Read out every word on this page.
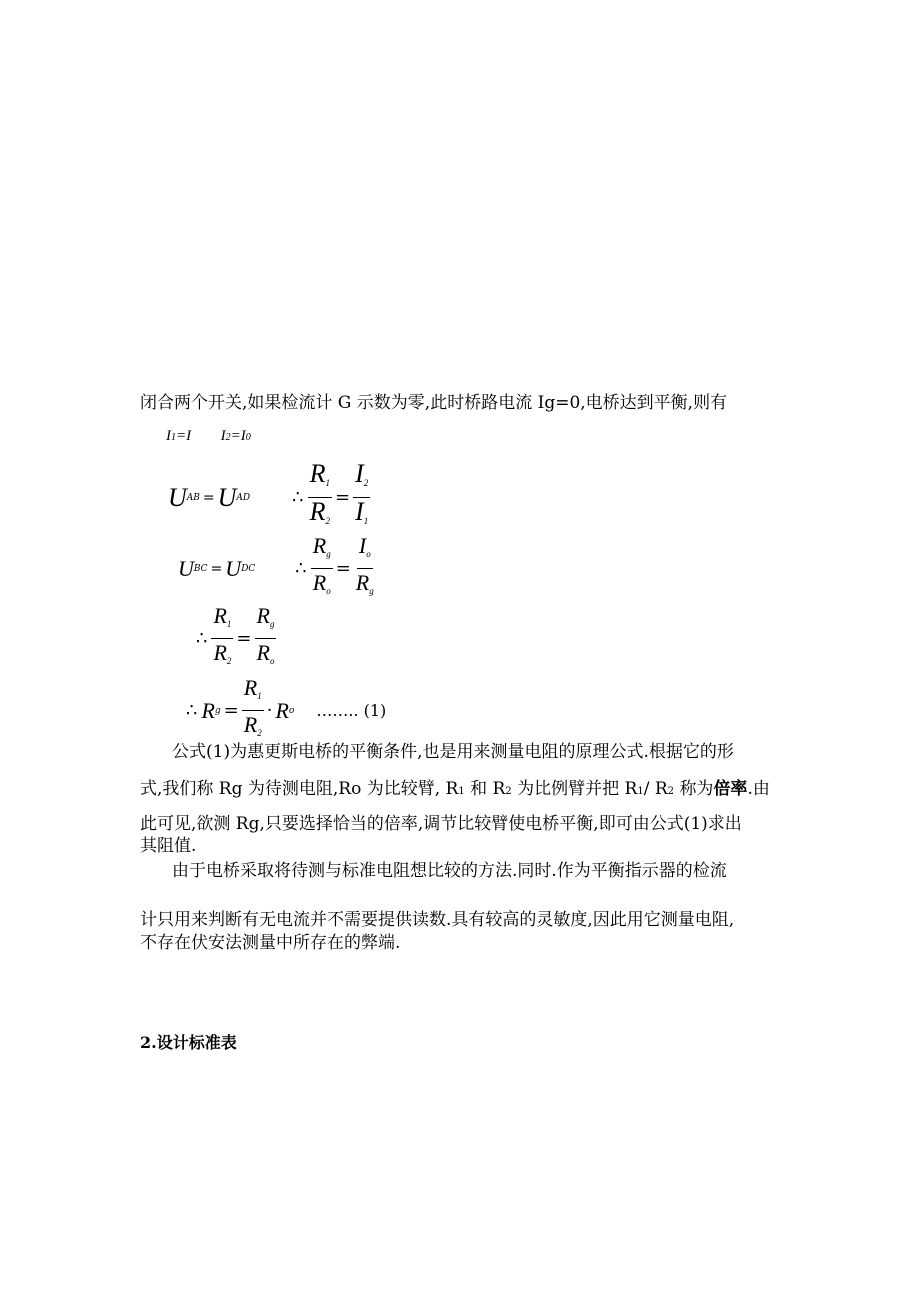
闭合两个开关,如果检流计 G 示数为零,此时桥路电流 Ig=0,电桥达到平衡,则有
I1=I I2=I0
U AB = U AD ∴ $\frac{R_1}{R_2} = \frac{I_2}{I_1}$
U BC = U DC ∴ $\frac{R_g}{R_o} = \frac{I_o}{R_g}$
∴ $\frac{R_1}{R_2} = \frac{R_g}{R_o}$
∴ R $g = \frac{R_1}{R_2} \cdot R$ o …….. (1)
公式(1)为惠更斯电桥的平衡条件,也是用来测量电阻的原理公式.根据它的形
式,我们称 Rg 为待测电阻,Ro 为比较臂, R1 和 R2 为比例臂并把 R1/ R2 称为倍率.由
此可见,欲测 Rg,只要选择恰当的倍率,调节比较臂使电桥平衡,即可由公式(1)求出
其阻值.
由于电桥采取将待测与标准电阻想比较的方法.同时.作为平衡指示器的检流
计只用来判断有无电流并不需要提供读数.具有较高的灵敏度,因此用它测量电阻,
不存在伏安法测量中所存在的弊端.
2.设计标准表
